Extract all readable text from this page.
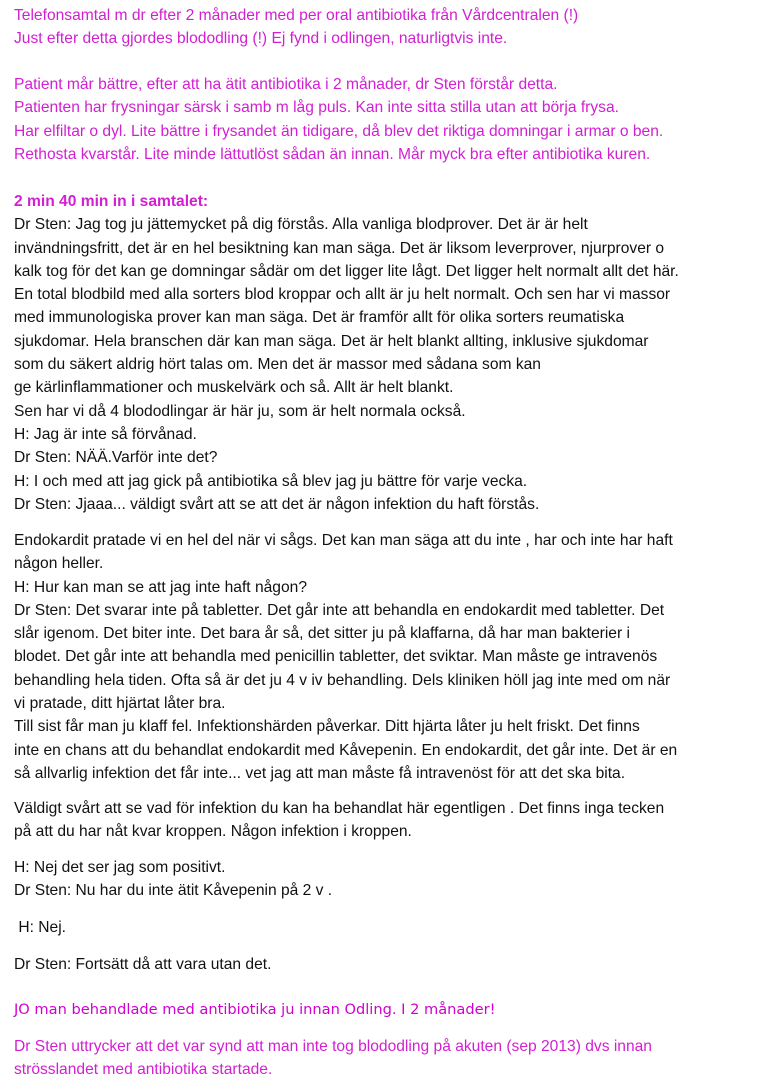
Telefonsamtal m dr efter 2 månader med per oral antibiotika från Vårdcentralen (!)
Just efter detta gjordes blododling (!) Ej fynd i odlingen, naturligtvis inte.
Patient mår bättre, efter att ha ätit antibiotika i 2 månader, dr Sten förstår detta.
Patienten har frysningar särsk i samb m låg puls. Kan inte sitta stilla utan att börja frysa.
Har elfiltar o dyl. Lite bättre i frysandet än tidigare, då blev det riktiga domningar i armar o ben.
Rethosta kvarstår. Lite minde lättutlöst sådan än innan. Mår myck bra efter antibiotika kuren.
2 min 40 min in i samtalet:
Dr Sten: Jag tog ju jättemycket på dig förstås. Alla vanliga blodprover. Det är är helt
invändningsfritt, det är en hel besiktning kan man säga. Det är liksom leverprover, njurprover o
kalk tog för det kan ge domningar sådär om det ligger lite lågt. Det ligger helt normalt allt det här.
En total blodbild med alla sorters blod kroppar och allt är ju helt normalt. Och sen har vi massor
med immunologiska prover kan man säga. Det är framför allt för olika sorters reumatiska
sjukdomar. Hela branschen där kan man säga. Det är helt blankt allting, inklusive sjukdomar
som du säkert aldrig hört talas om. Men det är massor med sådana som kan
ge kärlinflammationer och muskelvärk och så. Allt är helt blankt.
Sen har vi då 4 blododlingar är här ju, som är helt normala också.
H: Jag är inte så förvånad.
Dr Sten: NÄÄ.Varför inte det?
H: I och med att jag gick på antibiotika så blev jag ju bättre för varje vecka.
Dr Sten: Jjaaa... väldigt svårt att se att det är någon infektion du haft förstås.
Endokardit pratade vi en hel del när vi sågs. Det kan man säga att du inte , har och inte har haft
någon heller.
H: Hur kan man se att jag inte haft någon?
Dr Sten: Det svarar inte på tabletter. Det går inte att behandla en endokardit med tabletter. Det
slår igenom. Det biter inte. Det bara år så, det sitter ju på klaffarna, då har man bakterier i
blodet. Det går inte att behandla med penicillin tabletter, det sviktar. Man måste ge intravenös
behandling hela tiden. Ofta så är det ju 4 v iv behandling. Dels kliniken höll jag inte med om när
vi pratade, ditt hjärtat låter bra.
Till sist får man ju klaff fel. Infektionshärden påverkar. Ditt hjärta låter ju helt friskt. Det finns
inte en chans att du behandlat endokardit med Kåvepenin. En endokardit, det går inte. Det är en
så allvarlig infektion det får inte... vet jag att man måste få intravenöst för att det ska bita.
Väldigt svårt att se vad för infektion du kan ha behandlat här egentligen . Det finns inga tecken
på att du har nåt kvar kroppen. Någon infektion i kroppen.
H: Nej det ser jag som positivt.
Dr Sten: Nu har du inte ätit Kåvepenin på 2 v .
H: Nej.
Dr Sten: Fortsätt då att vara utan det.
JO man behandlade med antibiotika ju innan Odling. I 2 månader!
Dr Sten uttrycker att det var synd att man inte tog blododling på akuten (sep 2013) dvs innan
strösslandet med antibiotika startade.
